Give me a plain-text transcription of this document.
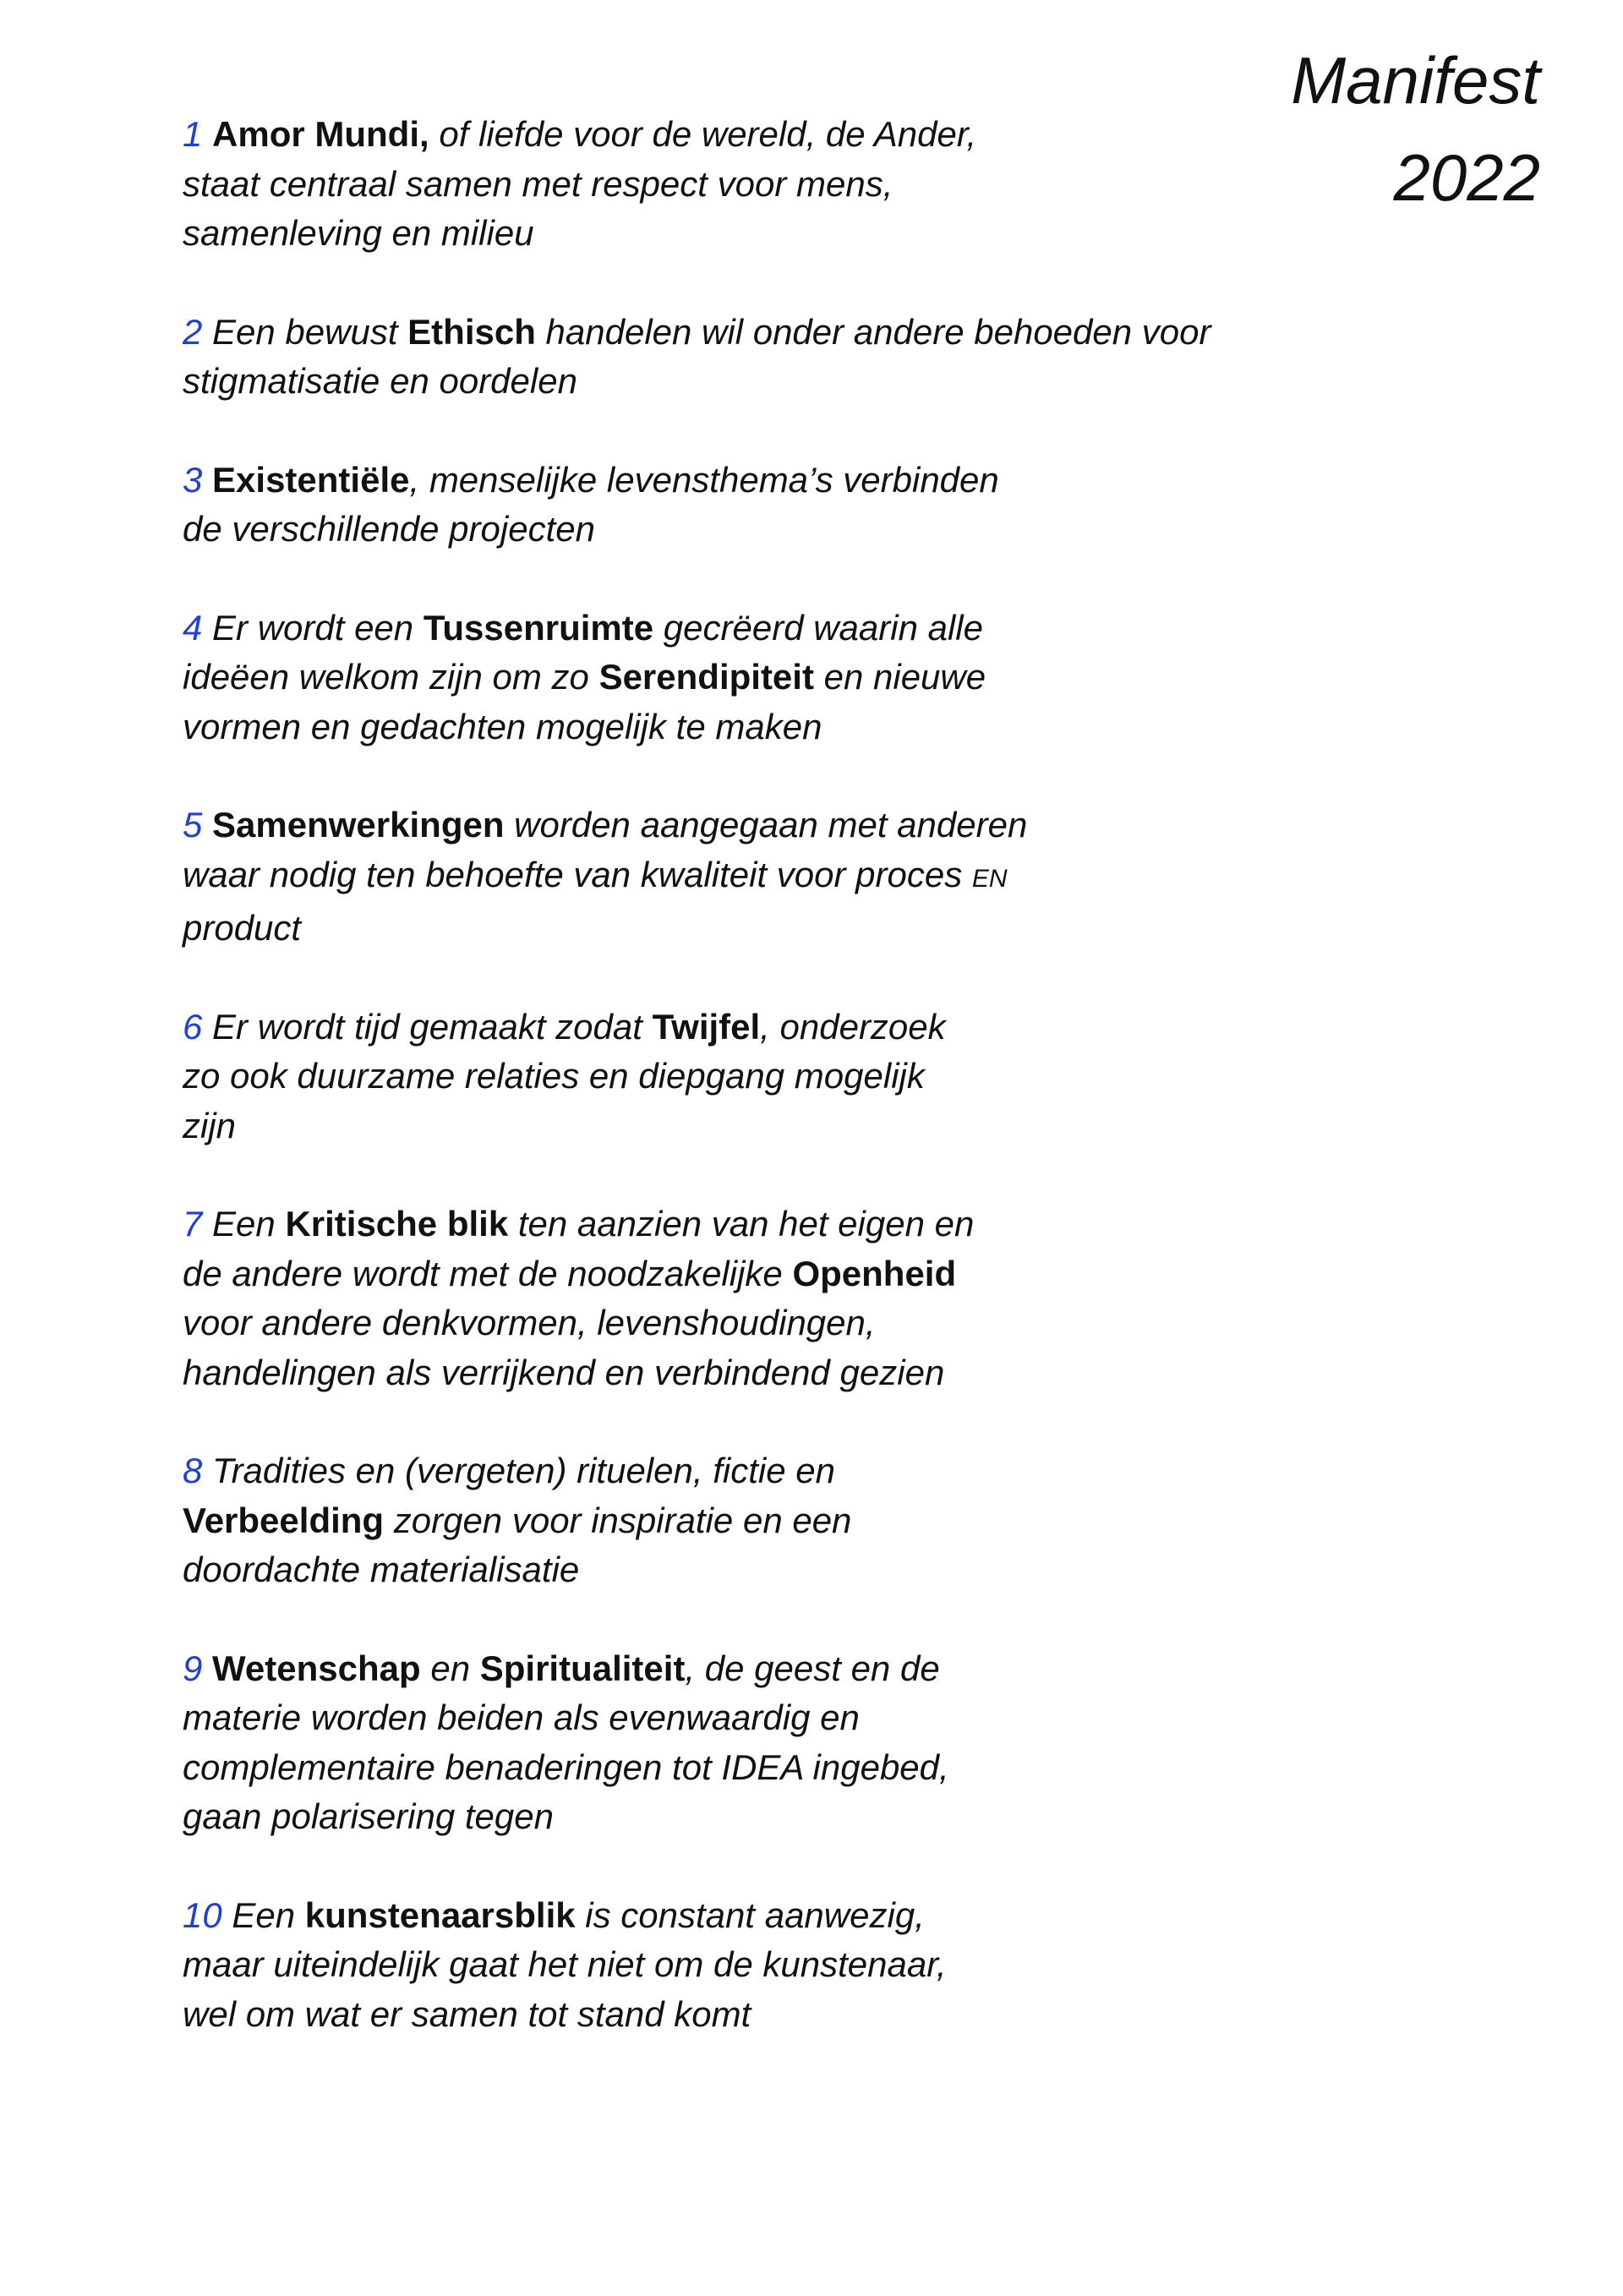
Manifest
2022

1 Amor Mundi, of liefde voor de wereld, de Ander,
staat centraal samen met respect voor mens,
samenleving en milieu

2 Een bewust Ethisch handelen wil onder andere behoeden voor
stigmatisatie en oordelen

3 Existentiële, menselijke levensthema’s verbinden
de verschillende projecten

4 Er wordt een Tussenruimte gecrëerd waarin alle
ideëen welkom zijn om zo Serendipiteit en nieuwe
vormen en gedachten mogelijk te maken

5 Samenwerkingen worden aangegaan met anderen
waar nodig ten behoefte van kwaliteit voor proces EN
product

6 Er wordt tijd gemaakt zodat Twijfel, onderzoek
zo ook duurzame relaties en diepgang mogelijk
zijn

7 Een Kritische blik ten aanzien van het eigen en
de andere wordt met de noodzakelijke Openheid
voor andere denkvormen, levenshoudingen,
handelingen als verrijkend en verbindend gezien

8 Tradities en (vergeten) rituelen, fictie en
Verbeelding zorgen voor inspiratie en een
doordachte materialisatie

9 Wetenschap en Spiritualiteit, de geest en de
materie worden beiden als evenwaardig en
complementaire benaderingen tot IDEA ingebed,
gaan polarisering tegen

10 Een kunstenaarsblik is constant aanwezig,
maar uiteindelijk gaat het niet om de kunstenaar,
wel om wat er samen tot stand komt
